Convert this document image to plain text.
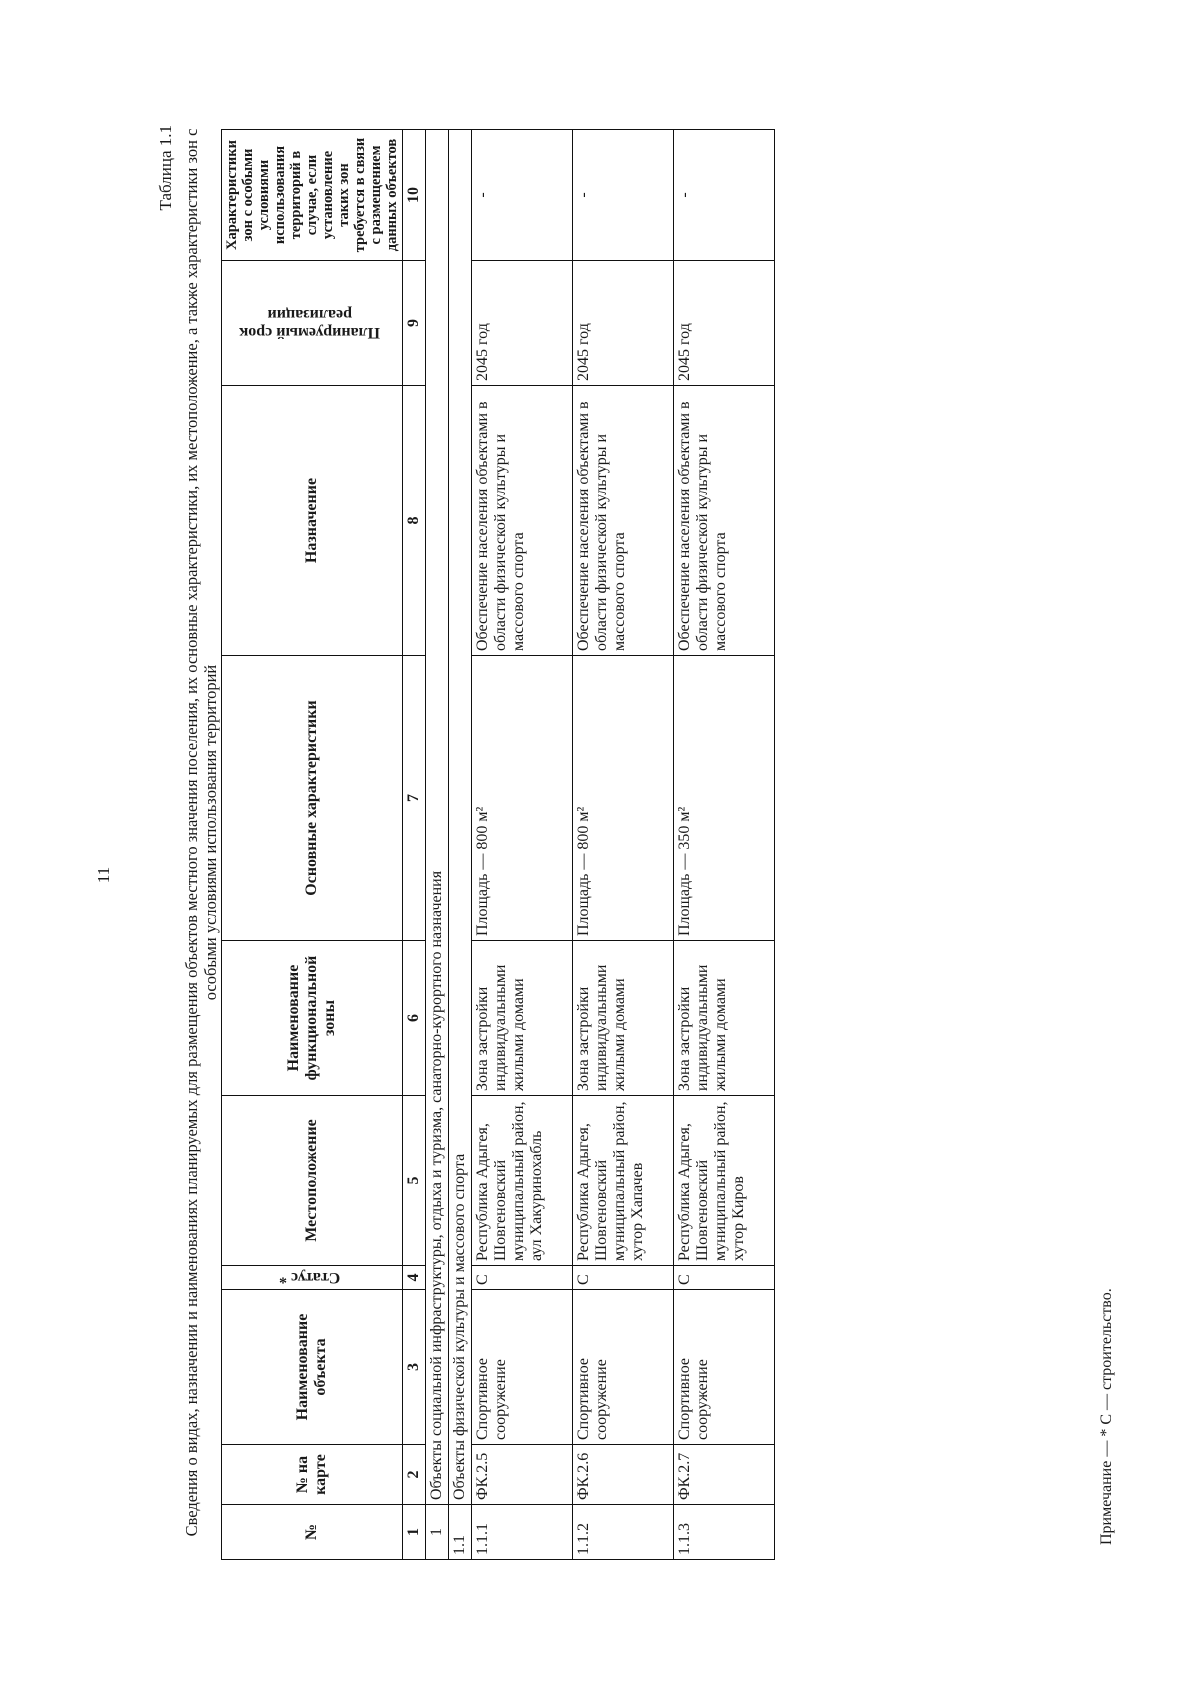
11
Таблица 1.1 Сведения о видах, назначении и наименованиях планируемых для размещения объектов местного значения поселения, их основные характеристики, их местоположение, а также характеристики зон с особыми условиями использования территорий
№	№ на карте	Наименование объекта	Статус *	Местоположение	Наименование функциональной зоны	Основные характеристики	Назначение	Планируемый срок реализации	Характеристики зон с особыми условиями использования территорий в случае, если установление таких зон требуется в связи с размещением данных объектов
1	2	3	4	5	6	7	8	9	10
1	Объекты социальной инфраструктуры, отдыха и туризма, санаторно-курортного назначения								
1.1	Объекты физической культуры и массового спорта								
1.1.1	ФК.2.5	Спортивное сооружение	С	Республика Адыгея, Шовгеновский муниципальный район, аул Хакуринохабль	Зона застройки индивидуальными жилыми домами	Площадь — 800 м²	Обеспечение населения объектами в области физической культуры и массового спорта	2045 год	-
1.1.2	ФК.2.6	Спортивное сооружение	С	Республика Адыгея, Шовгеновский муниципальный район, хутор Хапачев	Зона застройки индивидуальными жилыми домами	Площадь — 800 м²	Обеспечение населения объектами в области физической культуры и массового спорта	2045 год	-
1.1.3	ФК.2.7	Спортивное сооружение	С	Республика Адыгея, Шовгеновский муниципальный район, хутор Киров	Зона застройки индивидуальными жилыми домами	Площадь — 350 м²	Обеспечение населения объектами в области физической культуры и массового спорта	2045 год	-
Примечание — * С — строительство.
